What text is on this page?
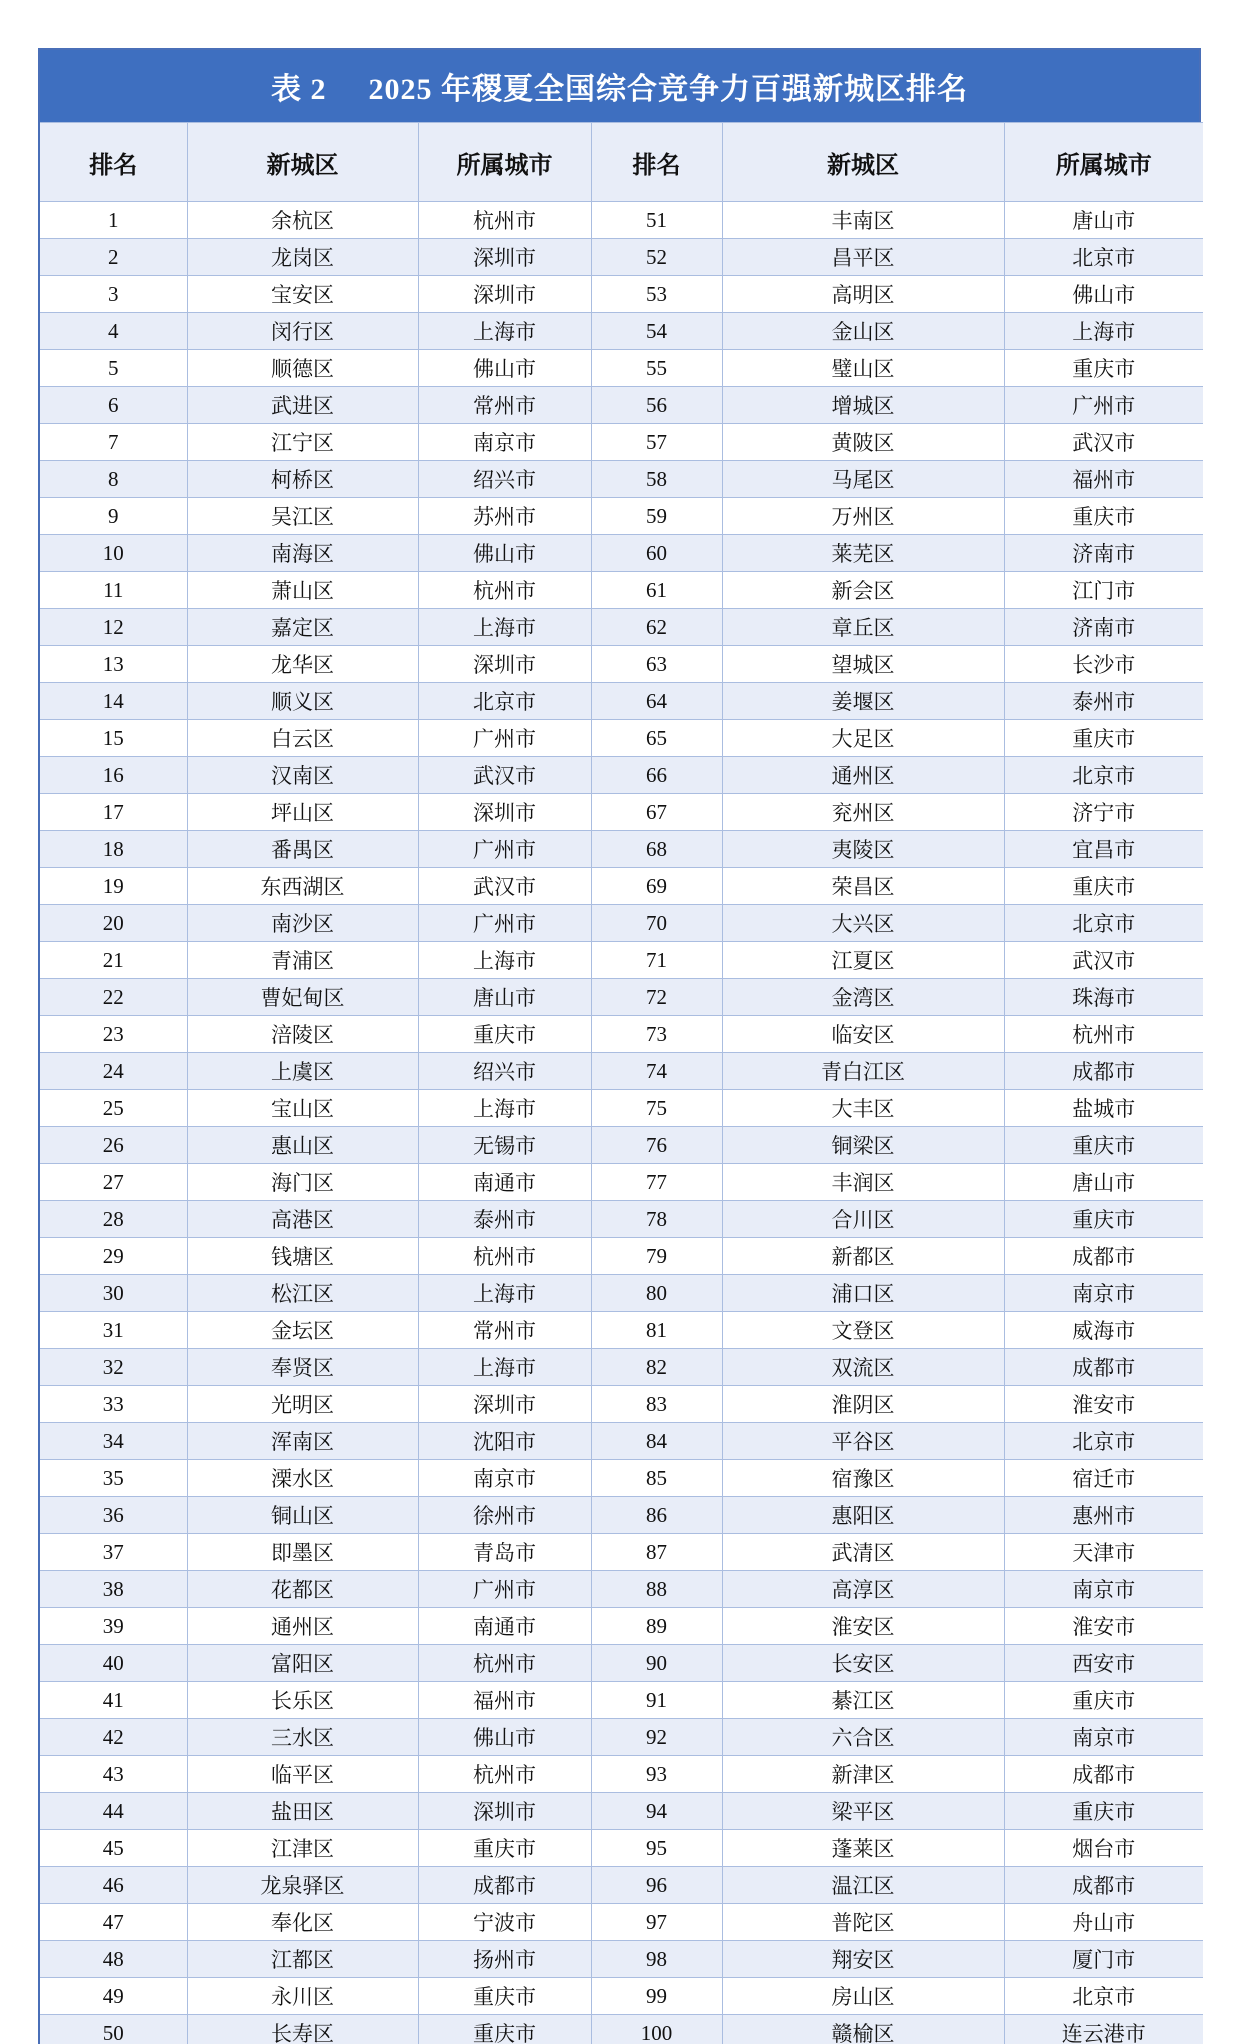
表 2 2025 年稷夏全国综合竞争力百强新城区排名
排名	新城区	所属城市	排名	新城区	所属城市
1	余杭区	杭州市	51	丰南区	唐山市
2	龙岗区	深圳市	52	昌平区	北京市
3	宝安区	深圳市	53	高明区	佛山市
4	闵行区	上海市	54	金山区	上海市
5	顺德区	佛山市	55	璧山区	重庆市
6	武进区	常州市	56	增城区	广州市
7	江宁区	南京市	57	黄陂区	武汉市
8	柯桥区	绍兴市	58	马尾区	福州市
9	吴江区	苏州市	59	万州区	重庆市
10	南海区	佛山市	60	莱芜区	济南市
11	萧山区	杭州市	61	新会区	江门市
12	嘉定区	上海市	62	章丘区	济南市
13	龙华区	深圳市	63	望城区	长沙市
14	顺义区	北京市	64	姜堰区	泰州市
15	白云区	广州市	65	大足区	重庆市
16	汉南区	武汉市	66	通州区	北京市
17	坪山区	深圳市	67	兖州区	济宁市
18	番禺区	广州市	68	夷陵区	宜昌市
19	东西湖区	武汉市	69	荣昌区	重庆市
20	南沙区	广州市	70	大兴区	北京市
21	青浦区	上海市	71	江夏区	武汉市
22	曹妃甸区	唐山市	72	金湾区	珠海市
23	涪陵区	重庆市	73	临安区	杭州市
24	上虞区	绍兴市	74	青白江区	成都市
25	宝山区	上海市	75	大丰区	盐城市
26	惠山区	无锡市	76	铜梁区	重庆市
27	海门区	南通市	77	丰润区	唐山市
28	高港区	泰州市	78	合川区	重庆市
29	钱塘区	杭州市	79	新都区	成都市
30	松江区	上海市	80	浦口区	南京市
31	金坛区	常州市	81	文登区	威海市
32	奉贤区	上海市	82	双流区	成都市
33	光明区	深圳市	83	淮阴区	淮安市
34	浑南区	沈阳市	84	平谷区	北京市
35	溧水区	南京市	85	宿豫区	宿迁市
36	铜山区	徐州市	86	惠阳区	惠州市
37	即墨区	青岛市	87	武清区	天津市
38	花都区	广州市	88	高淳区	南京市
39	通州区	南通市	89	淮安区	淮安市
40	富阳区	杭州市	90	长安区	西安市
41	长乐区	福州市	91	綦江区	重庆市
42	三水区	佛山市	92	六合区	南京市
43	临平区	杭州市	93	新津区	成都市
44	盐田区	深圳市	94	梁平区	重庆市
45	江津区	重庆市	95	蓬莱区	烟台市
46	龙泉驿区	成都市	96	温江区	成都市
47	奉化区	宁波市	97	普陀区	舟山市
48	江都区	扬州市	98	翔安区	厦门市
49	永川区	重庆市	99	房山区	北京市
50	长寿区	重庆市	100	赣榆区	连云港市
